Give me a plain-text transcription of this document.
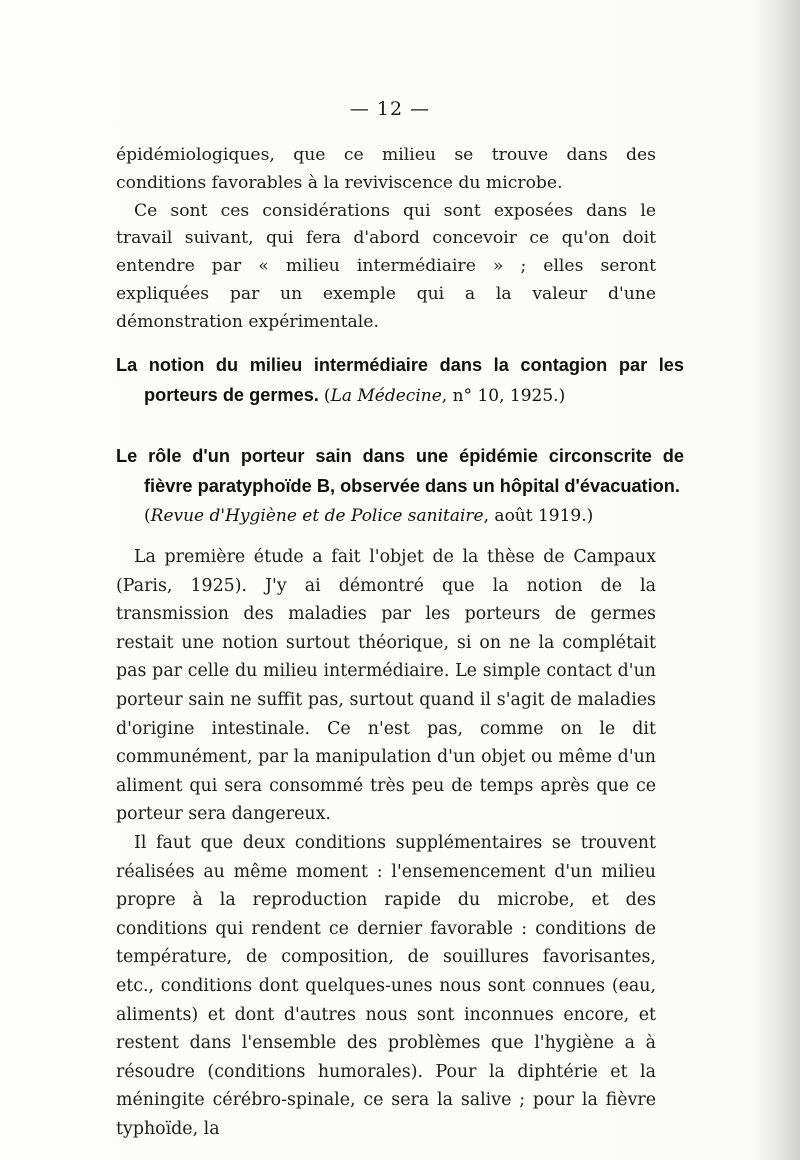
— 12 —

épidémiologiques, que ce milieu se trouve dans des conditions favorables à la reviviscence du microbe.

Ce sont ces considérations qui sont exposées dans le travail suivant, qui fera d'abord concevoir ce qu'on doit entendre par « milieu intermédiaire » ; elles seront expliquées par un exemple qui a la valeur d'une démonstration expérimentale.

La notion du milieu intermédiaire dans la contagion par les porteurs de germes. (La Médecine, n° 10, 1925.)
Le rôle d'un porteur sain dans une épidémie circonscrite de fièvre paratyphoïde B, observée dans un hôpital d'évacuation.
(Revue d'Hygiène et de Police sanitaire, août 1919.)

La première étude a fait l'objet de la thèse de Campaux (Paris, 1925). J'y ai démontré que la notion de la transmission des maladies par les porteurs de germes restait une notion surtout théorique, si on ne la complétait pas par celle du milieu intermédiaire. Le simple contact d'un porteur sain ne suffit pas, surtout quand il s'agit de maladies d'origine intestinale. Ce n'est pas, comme on le dit communément, par la manipulation d'un objet ou même d'un aliment qui sera consommé très peu de temps après que ce porteur sera dangereux.

Il faut que deux conditions supplémentaires se trouvent réalisées au même moment : l'ensemencement d'un milieu propre à la reproduction rapide du microbe, et des conditions qui rendent ce dernier favorable : conditions de température, de composition, de souillures favorisantes, etc., conditions dont quelques-unes nous sont connues (eau, aliments) et dont d'autres nous sont inconnues encore, et restent dans l'ensemble des problèmes que l'hygiène a à résoudre (conditions humorales). Pour la diphtérie et la méningite cérébro-spinale, ce sera la salive ; pour la fièvre typhoïde, la
